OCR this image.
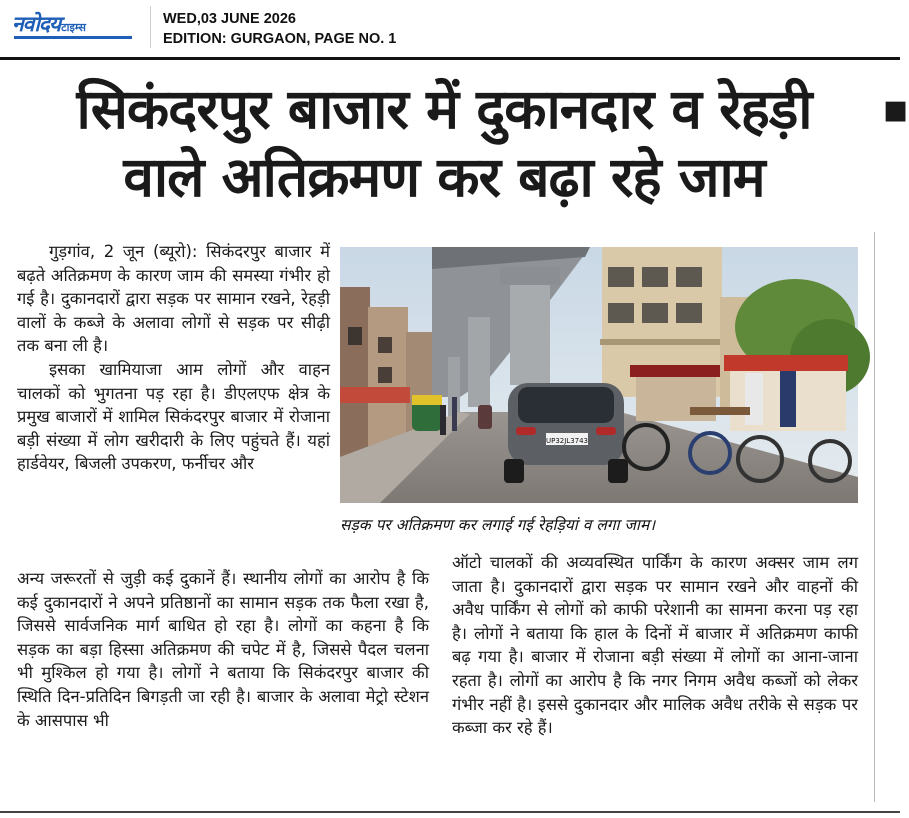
नवोदयटाइम्स
WED,03 JUNE 2026
EDITION: GURGAON, PAGE NO. 1
सिकंदरपुर बाजार में दुकानदार व रेहड़ी
वाले अतिक्रमण कर बढ़ा रहे जाम

गुड़गांव, 2 जून (ब्यूरो): सिकंदरपुर बाजार में बढ़ते अतिक्रमण के कारण जाम की समस्या गंभीर हो गई है। दुकानदारों द्वारा सड़क पर सामान रखने, रेहड़ी वालों के कब्जे के अलावा लोगों से सड़क पर सीढ़ी तक बना ली है।

इसका खामियाजा आम लोगों और वाहन चालकों को भुगतना पड़ रहा है। डीएलएफ क्षेत्र के प्रमुख बाजारों में शामिल सिकंदरपुर बाजार में रोजाना बड़ी संख्या में लोग खरीदारी के लिए पहुंचते हैं। यहां हार्डवेयर, बिजली उपकरण, फर्नीचर और

UP32JL3743
सड़क पर अतिक्रमण कर लगाई गई रेहड़ियां व लगा जाम।

अन्य जरूरतों से जुड़ी कई दुकानें हैं। स्थानीय लोगों का आरोप है कि कई दुकानदारों ने अपने प्रतिष्ठानों का सामान सड़क तक फैला रखा है, जिससे सार्वजनिक मार्ग बाधित हो रहा है। लोगों का कहना है कि सड़क का बड़ा हिस्सा अतिक्रमण की चपेट में है, जिससे पैदल चलना भी मुश्किल हो गया है। लोगों ने बताया कि सिकंदरपुर बाजार की स्थिति दिन-प्रतिदिन बिगड़ती जा रही है। बाजार के अलावा मेट्रो स्टेशन के आसपास भी

ऑटो चालकों की अव्यवस्थित पार्किंग के कारण अक्सर जाम लग जाता है। दुकानदारों द्वारा सड़क पर सामान रखने और वाहनों की अवैध पार्किंग से लोगों को काफी परेशानी का सामना करना पड़ रहा है। लोगों ने बताया कि हाल के दिनों में बाजार में अतिक्रमण काफी बढ़ गया है। बाजार में रोजाना बड़ी संख्या में लोगों का आना-जाना रहता है। लोगों का आरोप है कि नगर निगम अवैध कब्जों को लेकर गंभीर नहीं है। इससे दुकानदार और मालिक अवैध तरीके से सड़क पर कब्जा कर रहे हैं।

▪
